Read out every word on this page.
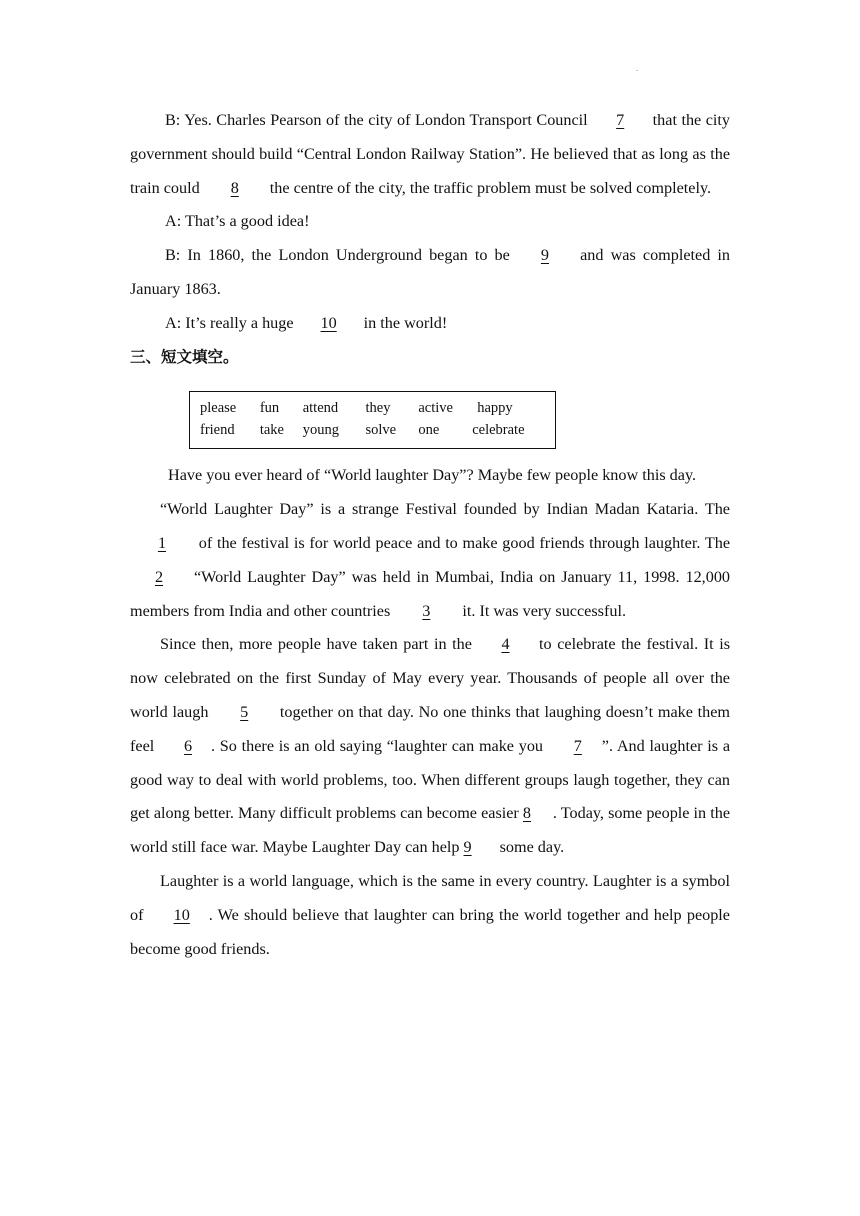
.

B: Yes. Charles Pearson of the city of London Transport Council 7 that the city government should build “Central London Railway Station”. He believed that as long as the train could 8 the centre of the city, the traffic problem must be solved completely.

A: That’s a good idea!

B: In 1860, the London Underground began to be 9 and was completed in January 1863.

A: It’s really a huge 10 in the world!

三、短文填空。
please	fun	attend	they	active	happy
friend	take	young	solve	one	celebrate

Have you ever heard of “World laughter Day”? Maybe few people know this day.

“World Laughter Day” is a strange Festival founded by Indian Madan Kataria. The 1 of the festival is for world peace and to make good friends through laughter. The 2 “World Laughter Day” was held in Mumbai, India on January 11, 1998. 12,000 members from India and other countries 3 it. It was very successful.

Since then, more people have taken part in the 4 to celebrate the festival. It is now celebrated on the first Sunday of May every year. Thousands of people all over the world laugh 5 together on that day. No one thinks that laughing doesn’t make them feel 6 . So there is an old saying “laughter can make you 7 ”. And laughter is a good way to deal with world problems, too. When different groups laugh together, they can get along better. Many difficult problems can become easier 8 . Today, some people in the world still face war. Maybe Laughter Day can help 9 some day.

Laughter is a world language, which is the same in every country. Laughter is a symbol of 10 . We should believe that laughter can bring the world together and help people become good friends.
